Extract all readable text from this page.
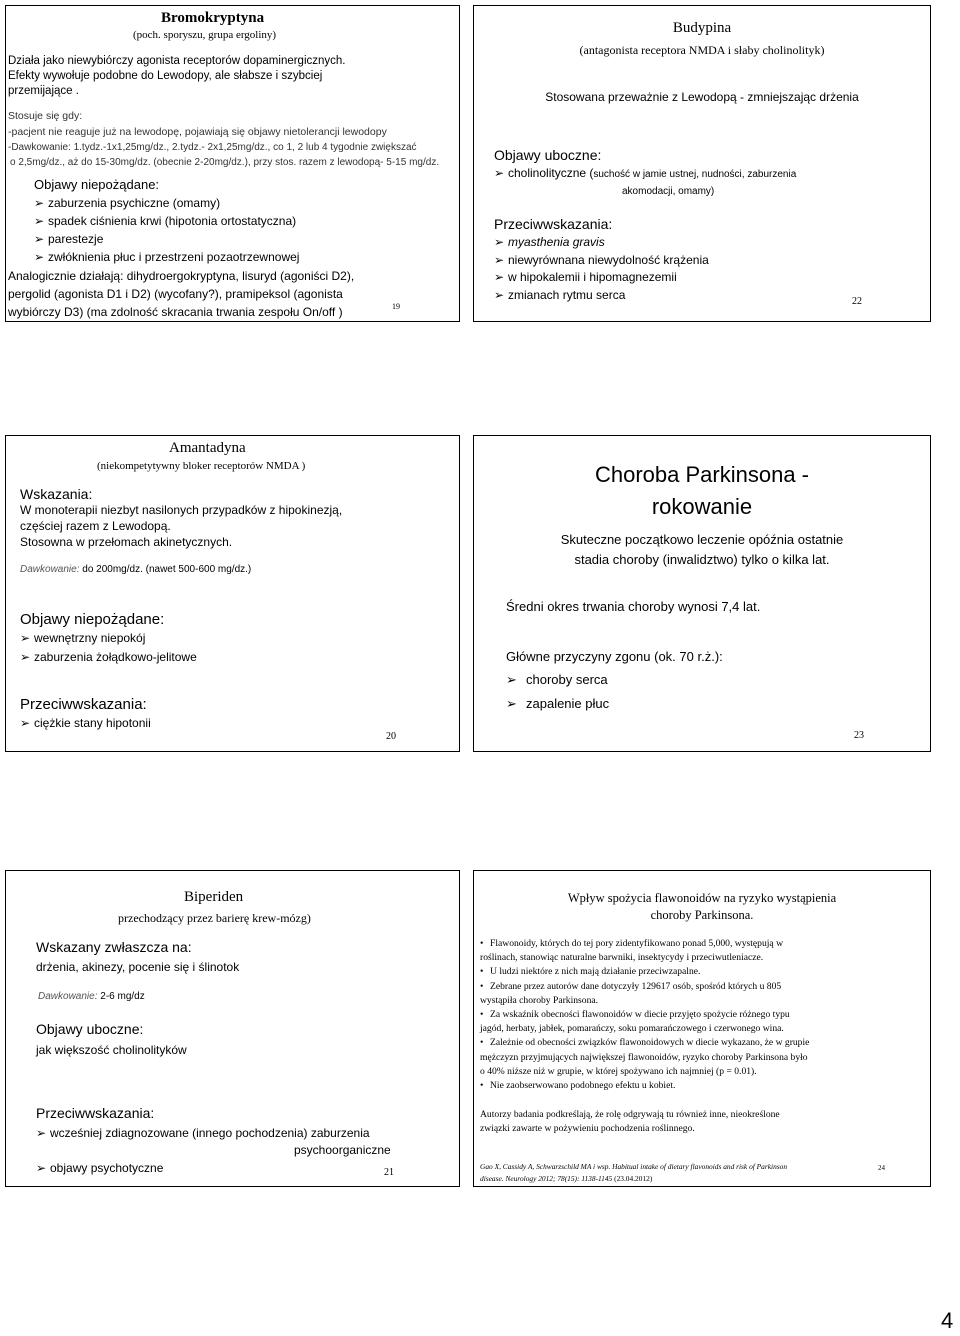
Bromokryptyna
(poch. sporyszu, grupa ergoliny)
Działa jako niewybiórczy agonista receptorów dopaminergicznych.
Efekty wywołuje podobne do Lewodopy, ale słabsze i szybciej
przemijające .
Stosuje się gdy:
-pacjent nie reaguje już na lewodopę, pojawiają się objawy nietolerancji lewodopy
-Dawkowanie: 1.tydz.-1x1,25mg/dz., 2.tydz.- 2x1,25mg/dz., co 1, 2 lub 4 tygodnie zwiększać
o 2,5mg/dz., aż do 15-30mg/dz. (obecnie 2-20mg/dz.), przy stos. razem z lewodopą- 5-15 mg/dz.
Objawy niepożądane:
➢ zaburzenia psychiczne (omamy)
➢ spadek ciśnienia krwi (hipotonia ortostatyczna)
➢ parestezje
➢ zwłóknienia płuc i przestrzeni pozaotrzewnowej
Analogicznie działają: dihydroergokryptyna, lisuryd (agoniści D2),
pergolid (agonista D1 i D2) (wycofany?), pramipeksol (agonista
wybiórczy D3) (ma zdolność skracania trwania zespołu On/off )	19
Budypina
(antagonista receptora NMDA i słaby cholinolityk)
Stosowana przeważnie z Lewodopą - zmniejszając drżenia
Objawy uboczne:
➢ cholinolityczne (suchość w jamie ustnej, nudności, zaburzenia
akomodacji, omamy)
Przeciwwskazania:
➢ myasthenia gravis
➢ niewyrównana niewydolność krążenia
➢ w hipokalemii i hipomagnezemii
➢ zmianach rytmu serca	22
Amantadyna
(niekompetytywny bloker receptorów NMDA )
Wskazania:
W monoterapii niezbyt nasilonych przypadków z hipokinezją,
częściej razem z Lewodopą.
Stosowna w przełomach akinetycznych.
Dawkowanie: do 200mg/dz. (nawet 500-600 mg/dz.)
Objawy niepożądane:
➢ wewnętrzny niepokój
➢ zaburzenia żołądkowo-jelitowe
Przeciwwskazania:
➢ ciężkie stany hipotonii
20
Choroba Parkinsona -
rokowanie
Skuteczne początkowo leczenie opóźnia ostatnie
stadia choroby (inwalidztwo) tylko o kilka lat.
Średni okres trwania choroby wynosi 7,4 lat.
Główne przyczyny zgonu (ok. 70 r.ż.):
➢ choroby serca
➢ zapalenie płuc
23
Biperiden
przechodzący przez barierę krew-mózg)
Wskazany zwłaszcza na:
drżenia, akinezy, pocenie się i ślinotok
Dawkowanie: 2-6 mg/dz
Objawy uboczne:
jak większość cholinolityków
Przeciwwskazania:
➢ wcześniej zdiagnozowane (innego pochodzenia) zaburzenia
psychoorganiczne
➢ objawy psychotyczne	21
Wpływ spożycia flawonoidów na ryzyko wystąpienia
choroby Parkinsona.
• Flawonoidy, których do tej pory zidentyfikowano ponad 5,000, występują w
roślinach, stanowiąc naturalne barwniki, insektycydy i przeciwutleniacze.
• U ludzi niektóre z nich mają działanie przeciwzapalne.
• Zebrane przez autorów dane dotyczyły 129617 osób, spośród których u 805
wystąpiła choroby Parkinsona.
• Za wskaźnik obecności flawonoidów w diecie przyjęto spożycie różnego typu
jagód, herbaty, jabłek, pomarańczy, soku pomarańczowego i czerwonego wina.
• Zależnie od obecności związków flawonoidowych w diecie wykazano, że w grupie
mężczyzn przyjmujących największej flawonoidów, ryzyko choroby Parkinsona było
o 40% niższe niż w grupie, w której spożywano ich najmniej (p = 0.01).
• Nie zaobserwowano podobnego efektu u kobiet.
Autorzy badania podkreślają, że rolę odgrywają tu również inne, nieokreślone
związki zawarte w pożywieniu pochodzenia roślinnego.
Gao X, Cassidy A, Schwarzschild MA i wsp. Habitual intake of dietary flavonoids and risk of Parkinson
disease. Neurology 2012; 78(15): 1138-1145 (23.04.2012)
24
4
